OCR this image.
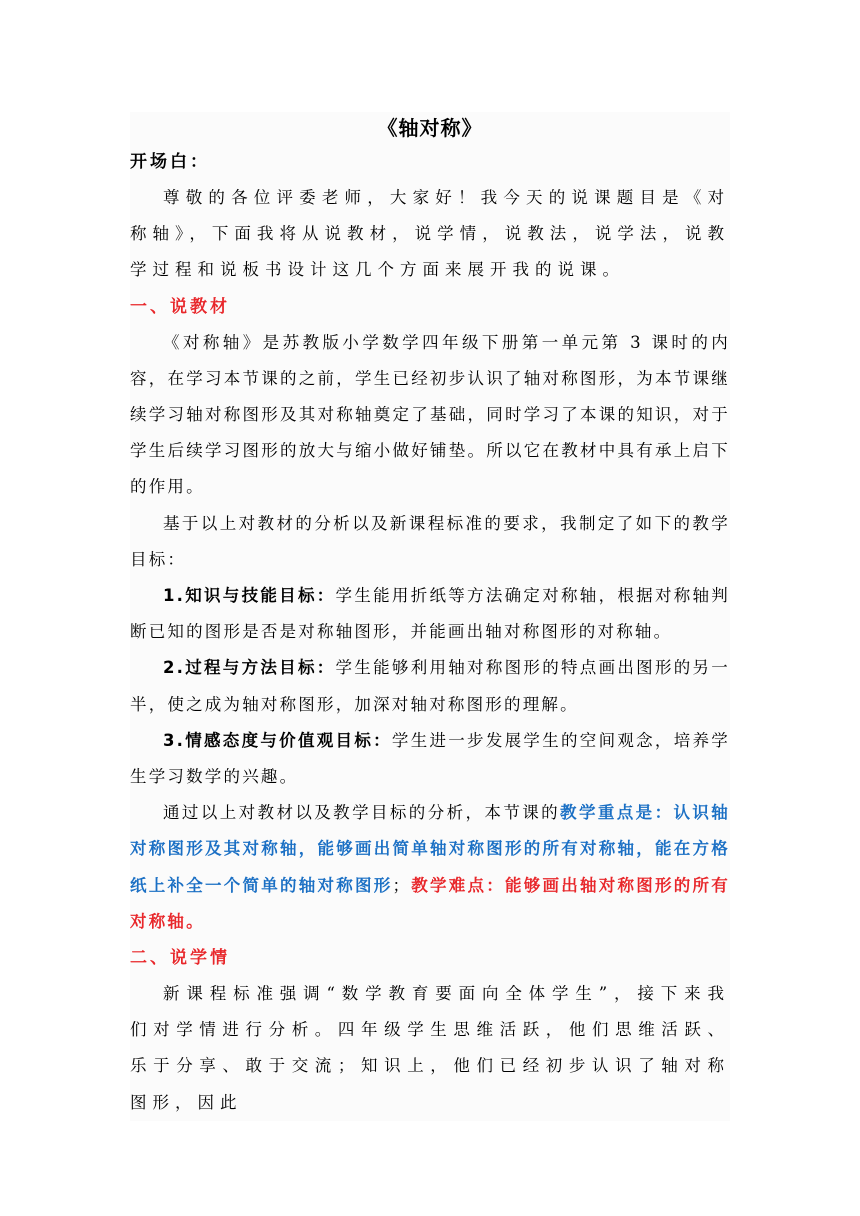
《轴对称》

开场白：

尊敬的各位评委老师，大家好！我今天的说课题目是《对称轴》，下面我将从说教材，说学情，说教法，说学法，说教学过程和说板书设计这几个方面来展开我的说课。

一、说教材

《对称轴》是苏教版小学数学四年级下册第一单元第 3 课时的内容，在学习本节课的之前，学生已经初步认识了轴对称图形，为本节课继续学习轴对称图形及其对称轴奠定了基础，同时学习了本课的知识，对于学生后续学习图形的放大与缩小做好铺垫。所以它在教材中具有承上启下的作用。

基于以上对教材的分析以及新课程标准的要求，我制定了如下的教学目标：

1.知识与技能目标：学生能用折纸等方法确定对称轴，根据对称轴判断已知的图形是否是对称轴图形，并能画出轴对称图形的对称轴。

2.过程与方法目标：学生能够利用轴对称图形的特点画出图形的另一半，使之成为轴对称图形，加深对轴对称图形的理解。

3.情感态度与价值观目标：学生进一步发展学生的空间观念，培养学生学习数学的兴趣。

通过以上对教材以及教学目标的分析，本节课的教学重点是：认识轴对称图形及其对称轴，能够画出简单轴对称图形的所有对称轴，能在方格纸上补全一个简单的轴对称图形；教学难点：能够画出轴对称图形的所有对称轴。

二、说学情

新课程标准强调“数学教育要面向全体学生”，接下来我们对学情进行分析。四年级学生思维活跃，他们思维活跃、乐于分享、敢于交流；知识上，他们已经初步认识了轴对称图形，因此
